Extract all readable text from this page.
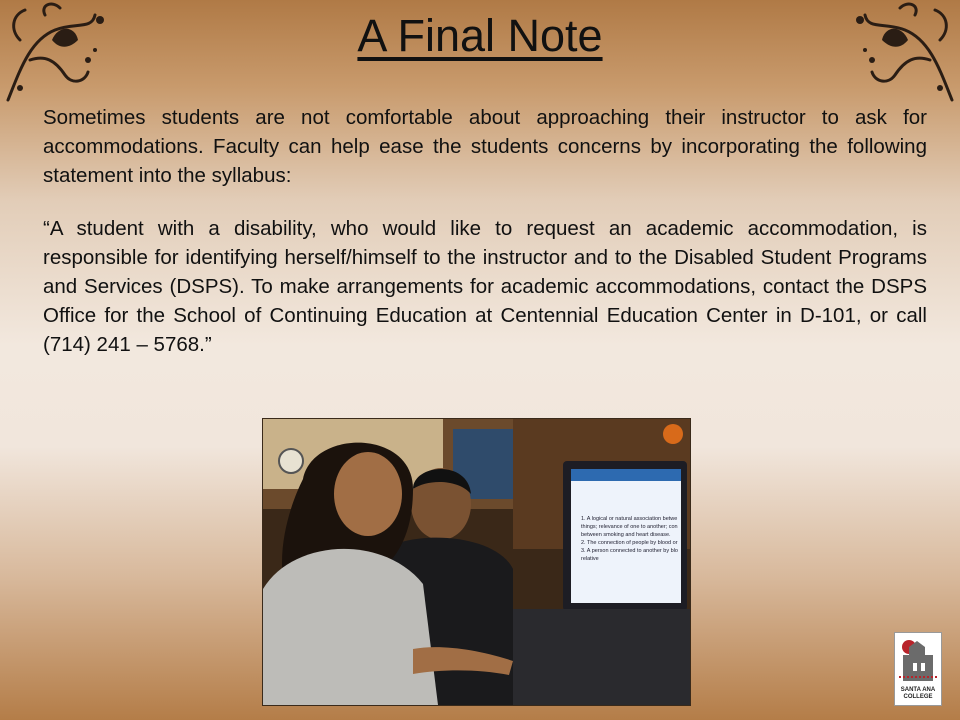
A Final Note

Sometimes students are not comfortable about approaching their instructor to ask for accommodations. Faculty can help ease the students concerns by incorporating the following statement into the syllabus:

“A student with a disability, who would like to request an academic accommodation, is responsible for identifying herself/himself to the instructor and to the Disabled Student Programs and Services (DSPS). To make arrangements for academic accommodations, contact the DSPS Office for the School of Continuing Education at Centennial Education Center in D-101, or call (714) 241 – 5768.”

1. A logical or natural association betwe
things; relevance of one to another; con
between smoking and heart disease.
2. The connection of people by blood or
3. A person connected to another by blo
relative
SANTA ANA
COLLEGE
